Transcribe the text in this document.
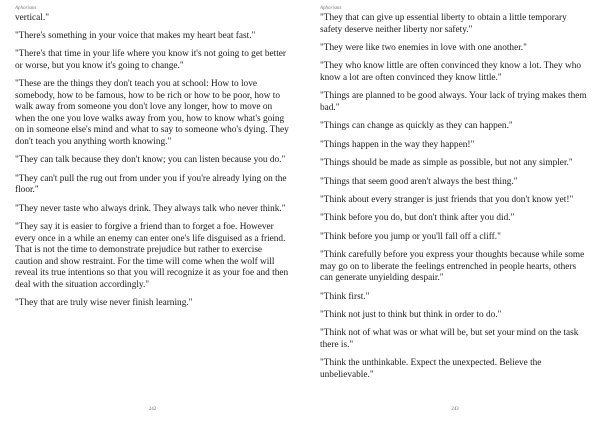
Aphorisms
vertical."
"There's something in your voice that makes my heart beat fast."
"There's that time in your life where you know it's not going to get better or worse, but you know it's going to change."
"These are the things they don't teach you at school: How to love somebody, how to be famous, how to be rich or how to be poor, how to walk away from someone you don't love any longer, how to move on when the one you love walks away from you, how to know what's going on in someone else's mind and what to say to someone who's dying. They don't teach you anything worth knowing."
"They can talk because they don't know; you can listen because you do."
"They can't pull the rug out from under you if you're already lying on the floor."
"They never taste who always drink. They always talk who never think."
"They say it is easier to forgive a friend than to forget a foe. However every once in a while an enemy can enter one's life disguised as a friend. That is not the time to demonstrate prejudice but rather to exercise caution and show restraint. For the time will come when the wolf will reveal its true intentions so that you will recognize it as your foe and then deal with the situation accordingly."
"They that are truly wise never finish learning."
242
Aphorisms
"They that can give up essential liberty to obtain a little temporary safety deserve neither liberty nor safety."
"They were like two enemies in love with one another."
"They who know little are often convinced they know a lot. They who know a lot are often convinced they know little."
"Things are planned to be good always. Your lack of trying makes them bad."
"Things can change as quickly as they can happen."
"Things happen in the way they happen!"
"Things should be made as simple as possible, but not any simpler."
"Things that seem good aren't always the best thing."
"Think about every stranger is just friends that you don't know yet!"
"Think before you do, but don't think after you did."
"Think before you jump or you'll fall off a cliff."
"Think carefully before you express your thoughts because while some may go on to liberate the feelings entrenched in people hearts, others can generate unyielding despair."
"Think first."
"Think not just to think but think in order to do."
"Think not of what was or what will be, but set your mind on the task there is."
"Think the unthinkable. Expect the unexpected. Believe the unbelievable."
243
